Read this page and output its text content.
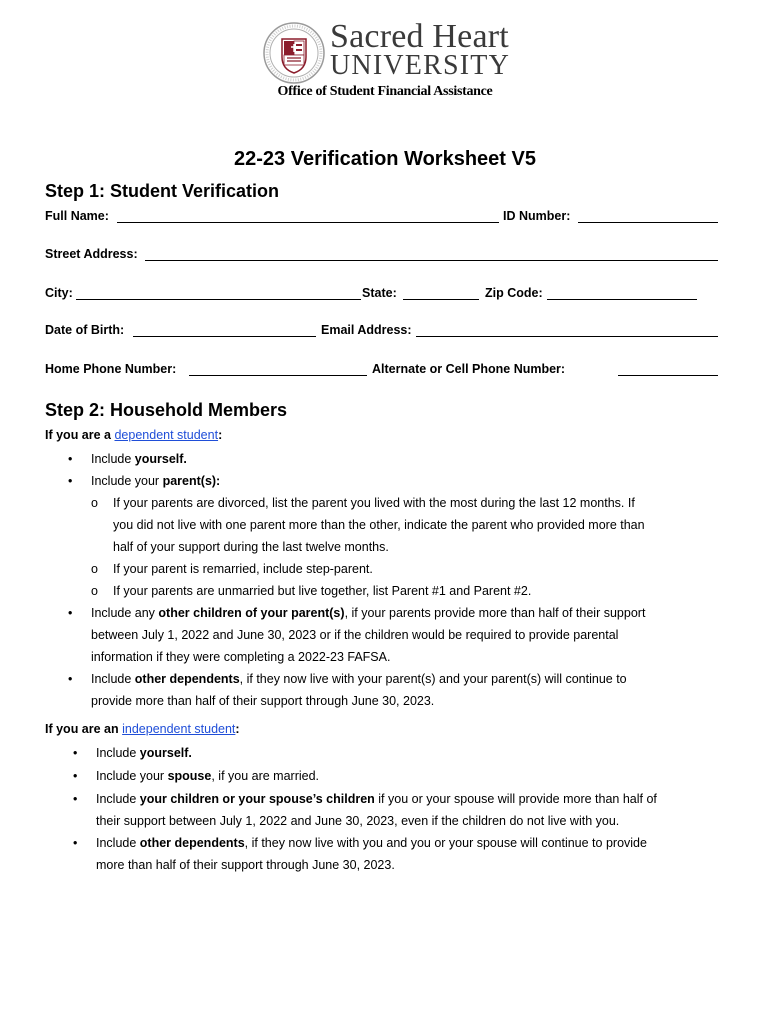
Sacred Heart
UNIVERSITY
Office of Student Financial Assistance
22-23 Verification Worksheet V5
Step 1: Student Verification
Full Name:	ID Number:
Street Address:
City:	State:	Zip Code:
Date of Birth:	Email Address:
Home Phone Number:	Alternate or Cell Phone Number:
Step 2: Household Members
If you are a dependent student:
• Include yourself.
• Include your parent(s):
o If your parents are divorced, list the parent you lived with the most during the last 12 months. If
you did not live with one parent more than the other, indicate the parent who provided more than
half of your support during the last twelve months.
o If your parent is remarried, include step-parent.
o If your parents are unmarried but live together, list Parent #1 and Parent #2.
• Include any other children of your parent(s), if your parents provide more than half of their support
between July 1, 2022 and June 30, 2023 or if the children would be required to provide parental
information if they were completing a 2022-23 FAFSA.
• Include other dependents, if they now live with your parent(s) and your parent(s) will continue to
provide more than half of their support through June 30, 2023.
If you are an independent student:
• Include yourself.
• Include your spouse, if you are married.
• Include your children or your spouse’s children if you or your spouse will provide more than half of
their support between July 1, 2022 and June 30, 2023, even if the children do not live with you.
• Include other dependents, if they now live with you and you or your spouse will continue to provide
more than half of their support through June 30, 2023.
